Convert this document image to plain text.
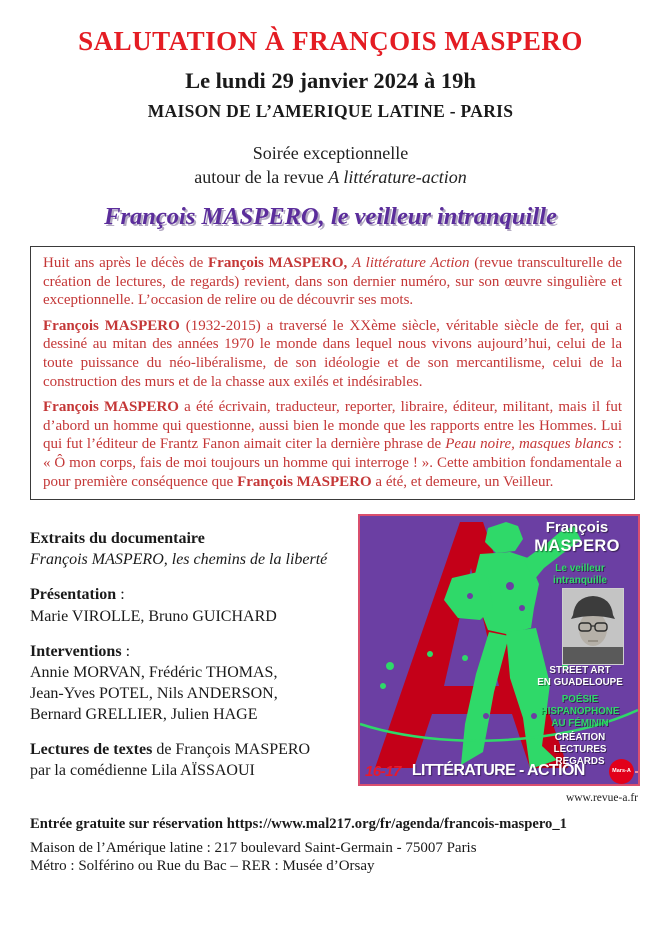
SALUTATION À FRANÇOIS MASPERO
Le lundi 29 janvier 2024 à 19h
MAISON DE L’AMERIQUE LATINE - PARIS
Soirée exceptionnelle
autour de la revue A littérature-action
François MASPERO, le veilleur intranquille

Huit ans après le décès de François MASPERO, A littérature Action (revue transculturelle de création de lectures, de regards) revient, dans son dernier numéro, sur son œuvre singulière et exceptionnelle. L’occasion de relire ou de découvrir ses mots.

François MASPERO (1932-2015) a traversé le XXème siècle, véritable siècle de fer, qui a dessiné au mitan des années 1970 le monde dans lequel nous vivons aujourd’hui, celui de la toute puissance du néo-libéralisme, de son idéologie et de son mercantilisme, celui de la construction des murs et de la chasse aux exilés et indésirables.

François MASPERO a été écrivain, traducteur, reporter, libraire, éditeur, militant, mais il fut d’abord un homme qui questionne, aussi bien le monde que les rapports entre les Hommes. Lui qui fut l’éditeur de Frantz Fanon aimait citer la dernière phrase de Peau noire, masques blancs : « Ô mon corps, fais de moi toujours un homme qui interroge ! ». Cette ambition fondamentale a pour première conséquence que François MASPERO a été, et demeure, un Veilleur.

Extraits du documentaire
François MASPERO, les chemins de la liberté
Présentation :
Marie VIROLLE, Bruno GUICHARD
Interventions :
Annie MORVAN, Frédéric THOMAS,
Jean-Yves POTEL, Nils ANDERSON,
Bernard GRELLIER, Julien HAGE
Lectures de textes de François MASPERO
par la comédienne Lila AÏSSAOUI
François
MASPERO
Le veilleur
intranquille
STREET ART
EN GUADELOUPE
POÉSIE
HISPANOPHONE
AU FÉMININ
CRÉATION
LECTURES
REGARDS
16-17 LITTÉRATURE - ACTION	Mars-A
www.revue-a.fr
Entrée gratuite sur réservation https://www.mal217.org/fr/agenda/francois-maspero_1
Maison de l’Amérique latine : 217 boulevard Saint-Germain - 75007 Paris
Métro : Solférino ou Rue du Bac – RER : Musée d’Orsay
